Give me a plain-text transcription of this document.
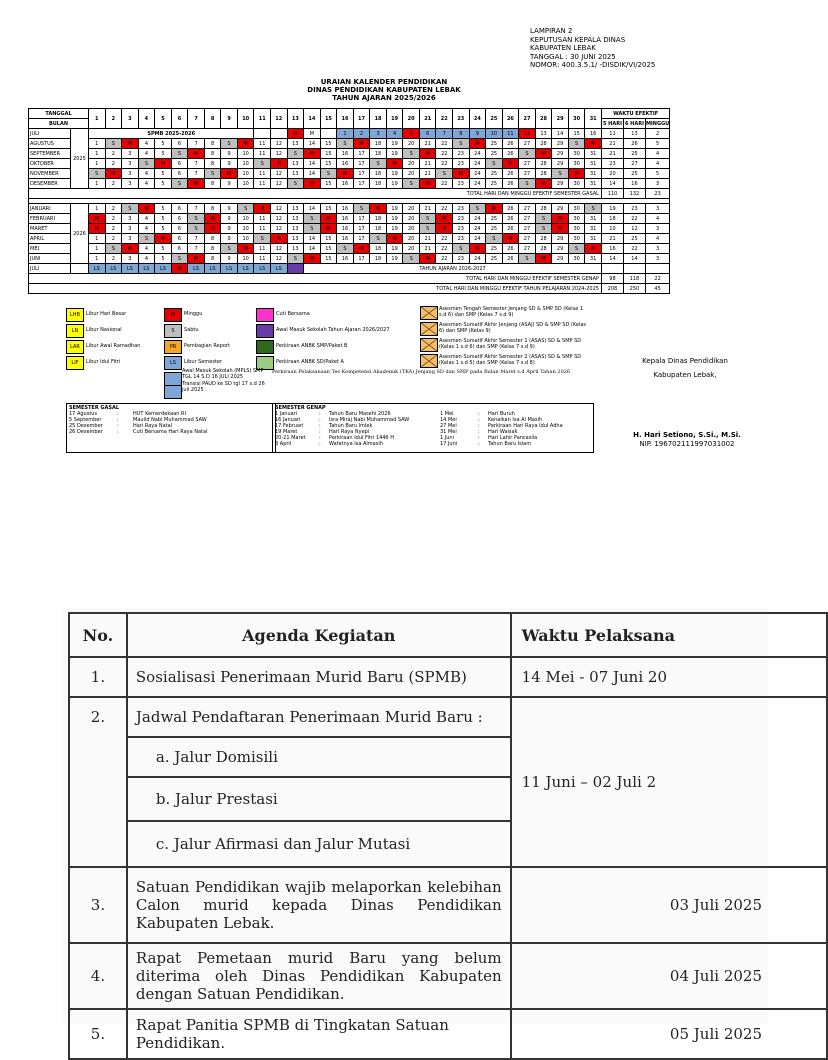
LAMPIRAN 2
KEPUTUSAN KEPALA DINAS
KABUPATEN LEBAK
TANGGAL : 30 JUNI 2025
NOMOR: 400.3.5.1/ -DISDIK/VI/2025
URAIAN KALENDER PENDIDIKAN
DINAS PENDIDIKAN KABUPATEN LEBAK
TAHUN AJARAN 2025/2026
TANGGAL		1	2	3	4	5	6	7	8	9	10	11	12	13	14	15	16	17	18	19	20	21	22	23	24	25	26	27	28	29	30	31	WAKTU EFEKTIF		
BULAN																																	5 HARI	6 HARI	MINGGU
JULI	2025	SPMB 2025-2026												M	M		1	2	3	4	5	6	7	8	9	10	11	12	13	14	15	16	11	13	2
AGUSTUS		1	S	M	4	5	6	7	8	S	M	11	12	13	14	15	S	M	18	19	20	21	22	S	M	25	26	27	28	29	S	M	21	26	5
SEPTEMBER		1	2	3	4	5	S	M	8	9	10	11	12	S	M	15	16	17	18	19	S	M	22	23	24	25	26	S	M	29	30	31	21	25	4
OKTOBER		1	2	3	S	M	6	7	8	9	10	S	M	13	14	15	16	17	S	M	20	21	22	23	24	S	M	27	28	29	30	31	23	27	4
NOVEMBER		S	M	3	4	5	6	7	S	M	10	11	12	13	14	S	M	17	18	19	20	21	S	M	24	25	26	27	28	S	M	31	20	25	5
DESEMBER		1	2	3	4	5	S	M	8	9	10	11	12	S	M	15	16	17	18	19	S	M	22	23	24	25	26	S	M	29	30	31	14	16	3
TOTAL HARI DAN MINGGU EFEKTIF SEMESTER GASAL																																	110	132	23

JANUARI	2026	1	2	S	M	5	6	7	8	9	S	M	12	13	14	15	16	S	M	19	20	21	22	23	S	M	26	27	28	29	30	S	19	23	3
FEBRUARI		M	2	3	4	5	6	S	M	9	10	11	12	13	S	M	16	17	18	19	20	S	M	23	24	25	26	27	S	M	30	31	18	22	4
MARET		M	2	3	4	5	6	S	M	9	10	11	12	13	S	M	16	17	18	19	20	S	M	23	24	25	26	27	S	M	30	31	10	12	3
APRIL		1	2	3	S	M	6	7	8	9	10	S	M	13	14	15	16	17	S	M	20	21	22	23	24	S	M	27	28	29	30	31	21	25	4
MEI		1	S	M	4	5	6	7	8	S	M	11	12	13	14	15	S	M	18	19	20	21	22	S	M	25	26	27	28	29	S	M	16	22	3
JUNI		1	2	3	4	5	S	M	8	9	10	11	12	S	M	15	16	17	18	19	S	M	22	23	24	25	26	S	M	29	30	31	14	14	3
JULI		LS	LS	LS	LS	LS	M	LS	LS	LS	LS	LS	LS		TAHUN AJARAN 2026-2027																				
TOTAL HARI DAN MINGGU EFEKTIF SEMESTER GENAP																																	98	118	22
TOTAL HARI DAN MINGGU EFEKTIF TAHUN PELAJARAN 2024-2025																																	208	250	45
LHB	Libur Hari Besar
LN	Libur Nasional
LAR	Libur Awal Ramadhan
LIF	Libur Idul Fitri
M	Minggu
S	Sabtu
PR	Pembagian Report
LS	Libur Semester
Cuti Bersama
Awal Masuk Sekolah Tahun Ajaran 2026/2027
Perkiraan ANBK SMP/Paket B
Perkiraan ANBK SD/Paket A
Awal Masuk Sekolah (MPLS) SMP TGL 14 S.D 16 JULI 2025
Transisi PAUD ke SD tgl 17 s.d 26 juli 2025
Asesmen Tengah Semester Jenjang SD & SMP SD (Kelas 1 s.d 6) dan SMP (Kelas 7 s.d 9)
Asesmen Sumatif Akhir Jenjang (ASAJ) SD & SMP SD (Kelas 6) dan SMP (Kelas 9)
Asesmen Sumatif Akhir Semester 1 (ASAS) SD & SMP SD (Kelas 1 s.d 6) dan SMP (Kelas 7 s.d 9)
Asesmen Sumatif Akhir Semester 2 (ASAS) SD & SMP SD (Kelas 1 s.d 5) dan SMP (Kelas 7 s.d 8)
Perkiraan Pelaksanaan Tes Kompetensi Akademik (TKA) Jenjang SD dan SMP pada Bulan Maret s.d April Tahun 2026
SEMESTER GASAL
17 Agustus	:	HUT Kemerdekaan RI
5 September	:	Maulid Nabi Muhammad SAW
25 Desember	:	Hari Raya Natal
26 Desember	:	Cuti Bersama Hari Raya Natal
SEMESTER GENAP
1 Januari	:	Tahun Baru Masehi 2026
16 Januari	:	Isra Miraj Nabi Muhammad SAW
17 Februari	:	Tahun Baru Imlek
19 Maret	:	Hari Raya Nyepi
20-21 Maret	:	Perkiraan Idul Fitri 1446 H
3 April	:	Wafatnya Isa Almasih
1 Mei	:	Hari Buruh
14 Mei	:	Kenaikan Isa Al Masih
27 Mei	:	Perkiraan Hari Raya Idul Adha
31 Mei	:	Hari Waisak
1 Juni	:	Hari Lahir Pancasila
17 Juni	:	Tahun Baru Islam
Kepala Dinas Pendidikan
Kabupaten Lebak,
H. Hari Setiono, S.Si., M.Si.
NIP. 196702111997031002
No.	Agenda Kegiatan	Waktu Pelaksana
1.	Sosialisasi Penerimaan Murid Baru (SPMB)	14 Mei - 07 Juni 20
2.	Jadwal Pendaftaran Penerimaan Murid Baru :	11 Juni – 02 Juli 2
	a. Jalur Domisili	
	b. Jalur Prestasi	
	c. Jalur Afirmasi dan Jalur Mutasi	
3.	Satuan Pendidikan wajib melaporkan kelebihan Calon murid kepada Dinas Pendidikan Kabupaten Lebak.	03 Juli 2025
4.	Rapat Pemetaan murid Baru yang belum diterima oleh Dinas Pendidikan Kabupaten dengan Satuan Pendidikan.	04 Juli 2025
5.	Rapat Panitia SPMB di Tingkatan Satuan Pendidikan.	05 Juli 2025
